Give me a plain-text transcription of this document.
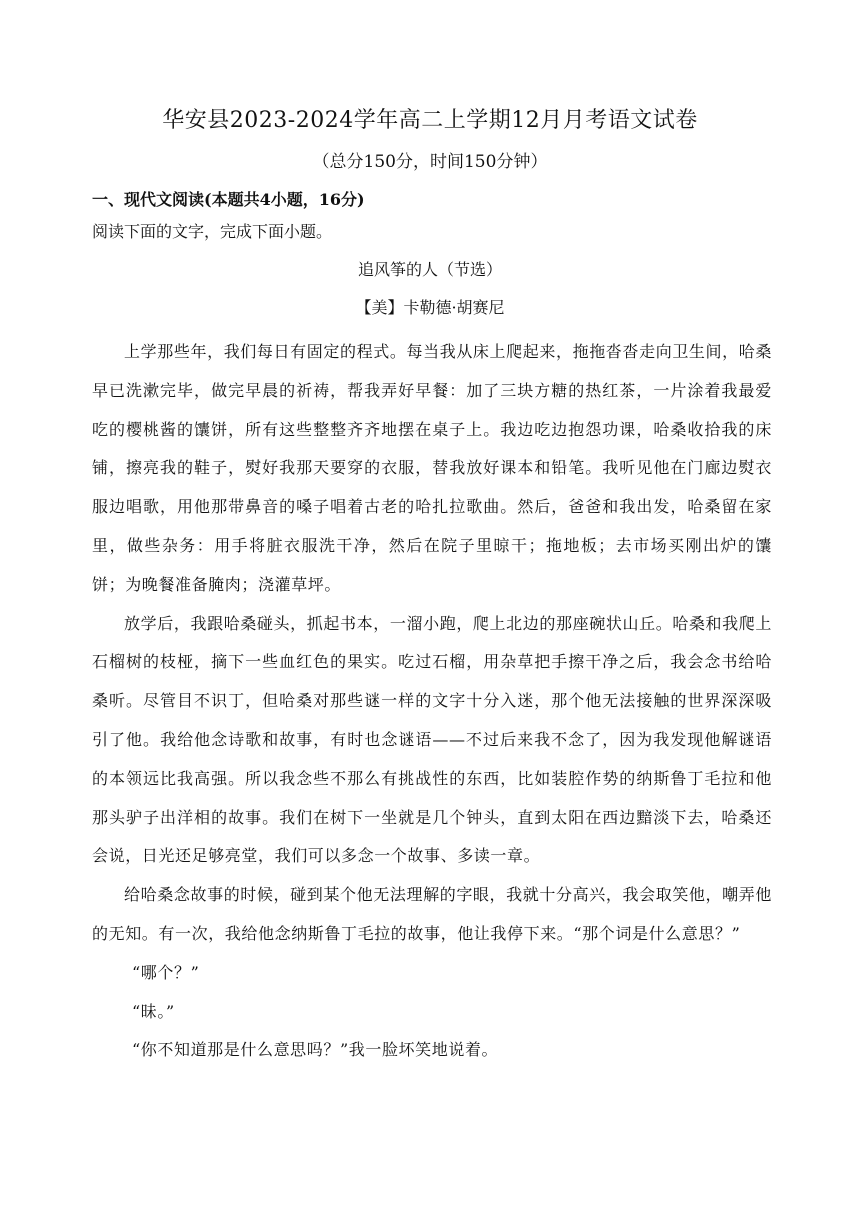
华安县2023-2024学年高二上学期12月月考语文试卷
（总分150分，时间150分钟）
一、现代文阅读(本题共4小题，16分)
阅读下面的文字，完成下面小题。
追风筝的人（节选）
【美】卡勒德·胡赛尼

上学那些年，我们每日有固定的程式。每当我从床上爬起来，拖拖沓沓走向卫生间，哈桑早已洗漱完毕，做完早晨的祈祷，帮我弄好早餐：加了三块方糖的热红茶，一片涂着我最爱吃的樱桃酱的馕饼，所有这些整整齐齐地摆在桌子上。我边吃边抱怨功课，哈桑收拾我的床铺，擦亮我的鞋子，熨好我那天要穿的衣服，替我放好课本和铅笔。我听见他在门廊边熨衣服边唱歌，用他那带鼻音的嗓子唱着古老的哈扎拉歌曲。然后，爸爸和我出发，哈桑留在家里，做些杂务：用手将脏衣服洗干净，然后在院子里晾干；拖地板；去市场买刚出炉的馕饼；为晚餐准备腌肉；浇灌草坪。

放学后，我跟哈桑碰头，抓起书本，一溜小跑，爬上北边的那座碗状山丘。哈桑和我爬上石榴树的枝桠，摘下一些血红色的果实。吃过石榴，用杂草把手擦干净之后，我会念书给哈桑听。尽管目不识丁，但哈桑对那些谜一样的文字十分入迷，那个他无法接触的世界深深吸引了他。我给他念诗歌和故事，有时也念谜语——不过后来我不念了，因为我发现他解谜语的本领远比我高强。所以我念些不那么有挑战性的东西，比如装腔作势的纳斯鲁丁毛拉和他那头驴子出洋相的故事。我们在树下一坐就是几个钟头，直到太阳在西边黯淡下去，哈桑还会说，日光还足够亮堂，我们可以多念一个故事、多读一章。

给哈桑念故事的时候，碰到某个他无法理解的字眼，我就十分高兴，我会取笑他，嘲弄他的无知。有一次，我给他念纳斯鲁丁毛拉的故事，他让我停下来。“那个词是什么意思？”

“哪个？”

“昧。”

“你不知道那是什么意思吗？”我一脸坏笑地说着。
